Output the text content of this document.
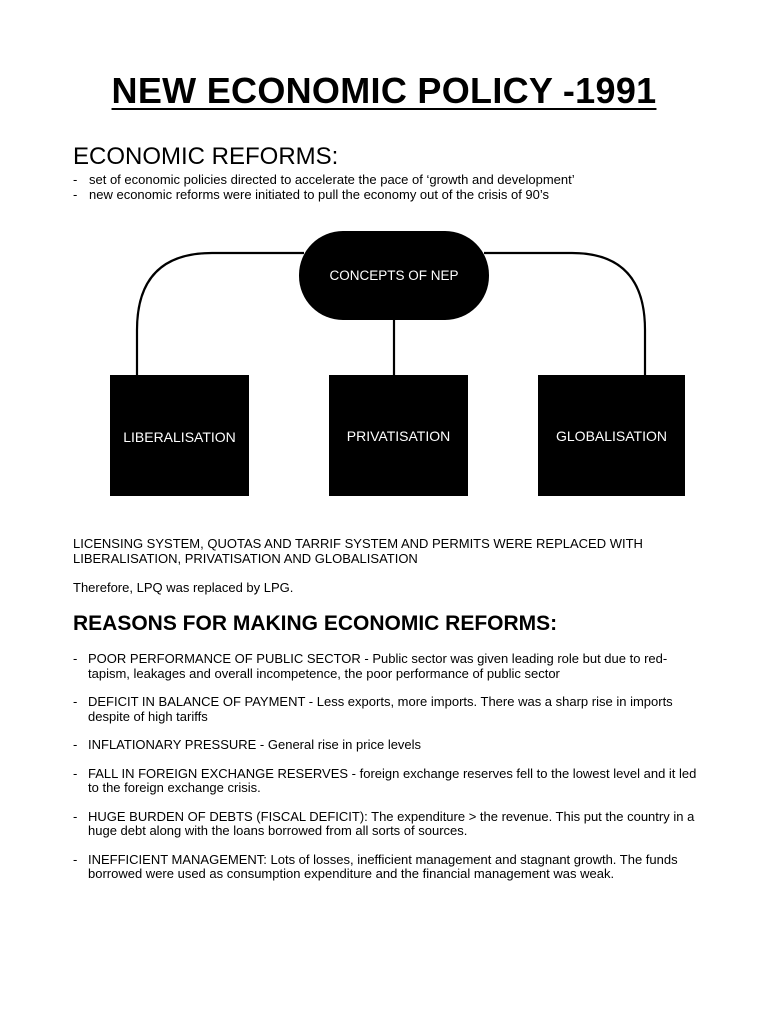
NEW ECONOMIC POLICY -1991
ECONOMIC REFORMS:
- set of economic policies directed to accelerate the pace of ‘growth and development’
- new economic reforms were initiated to pull the economy out of the crisis of 90’s
CONCEPTS OF NEP
LIBERALISATION	PRIVATISATION	GLOBALISATION
LICENSING SYSTEM, QUOTAS AND TARRIF SYSTEM AND PERMITS WERE REPLACED WITH LIBERALISATION, PRIVATISATION AND GLOBALISATION
Therefore, LPQ was replaced by LPG.
REASONS FOR MAKING ECONOMIC REFORMS:
- POOR PERFORMANCE OF PUBLIC SECTOR - Public sector was given leading role but due to red-tapism, leakages and overall incompetence, the poor performance of public sector
- DEFICIT IN BALANCE OF PAYMENT - Less exports, more imports. There was a sharp rise in imports despite of high tariffs
- INFLATIONARY PRESSURE - General rise in price levels
- FALL IN FOREIGN EXCHANGE RESERVES - foreign exchange reserves fell to the lowest level and it led to the foreign exchange crisis.
- HUGE BURDEN OF DEBTS (FISCAL DEFICIT): The expenditure > the revenue. This put the country in a huge debt along with the loans borrowed from all sorts of sources.
- INEFFICIENT MANAGEMENT: Lots of losses, inefficient management and stagnant growth. The funds borrowed were used as consumption expenditure and the financial management was weak.
